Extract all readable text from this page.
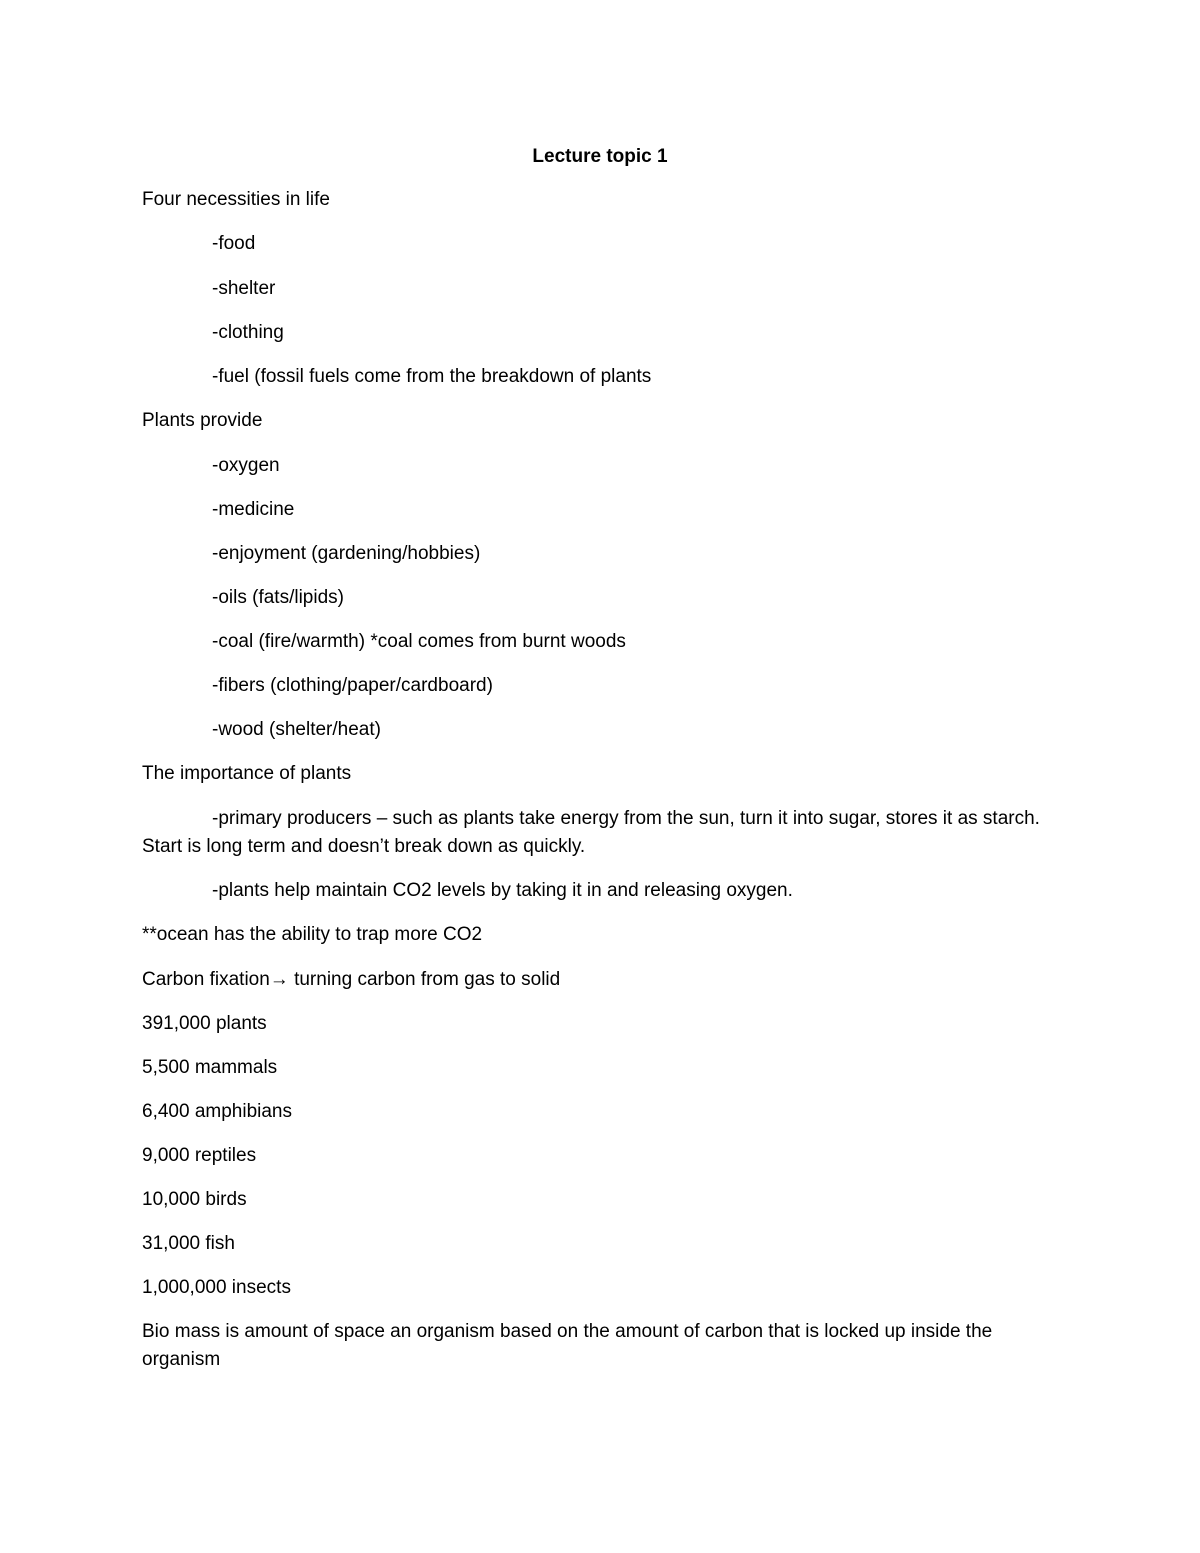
Lecture topic 1
Four necessities in life
-food
-shelter
-clothing
-fuel (fossil fuels come from the breakdown of plants
Plants provide
-oxygen
-medicine
-enjoyment (gardening/hobbies)
-oils (fats/lipids)
-coal (fire/warmth) *coal comes from burnt woods
-fibers (clothing/paper/cardboard)
-wood (shelter/heat)
The importance of plants
-primary producers – such as plants take energy from the sun, turn it into sugar, stores it as starch. Start is long term and doesn’t break down as quickly.
-plants help maintain CO2 levels by taking it in and releasing oxygen.
**ocean has the ability to trap more CO2
Carbon fixation→ turning carbon from gas to solid
391,000 plants
5,500 mammals
6,400 amphibians
9,000 reptiles
10,000 birds
31,000 fish
1,000,000 insects
Bio mass is amount of space an organism based on the amount of carbon that is locked up inside the organism
